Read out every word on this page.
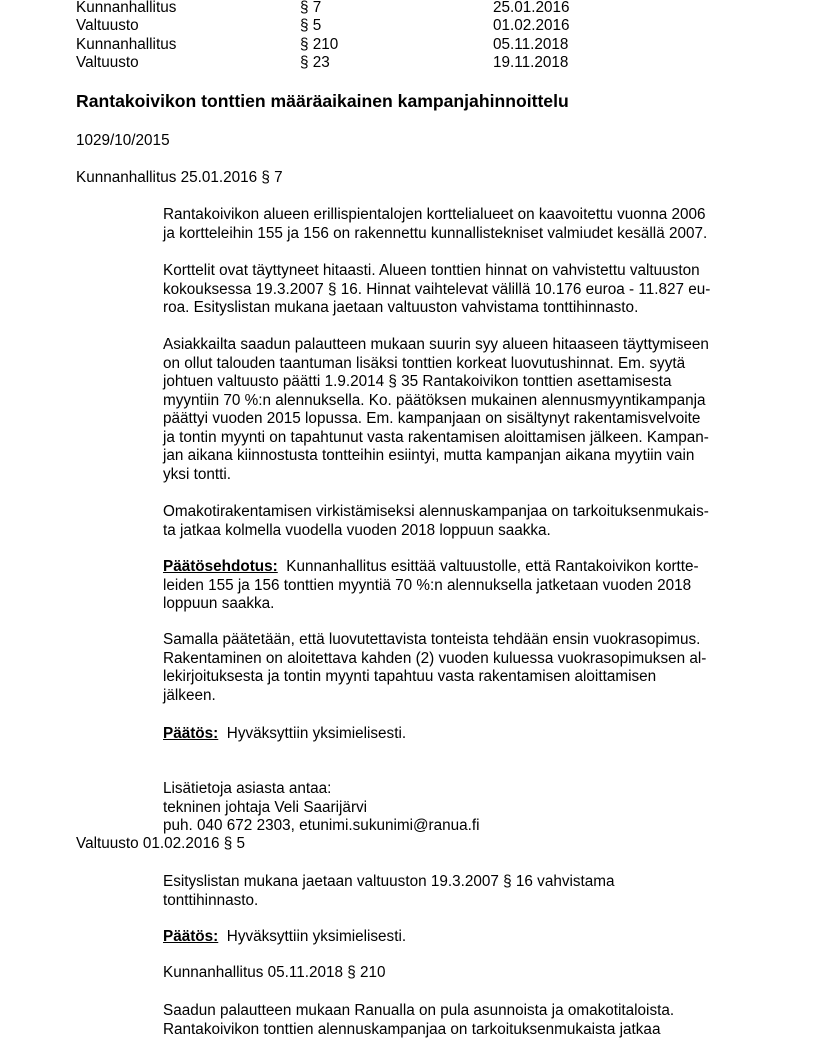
Kunnanhallitus	§ 7	25.01.2016
Valtuusto	§ 5	01.02.2016
Kunnanhallitus	§ 210	05.11.2018
Valtuusto	§ 23	19.11.2018
Rantakoivikon tonttien määräaikainen kampanjahinnoittelu
1029/10/2015
Kunnanhallitus 25.01.2016 § 7
Rantakoivikon alueen erillispientalojen korttelialueet on kaavoitettu vuonna 2006
ja kortteleihin 155 ja 156 on rakennettu kunnallistekniset valmiudet kesällä 2007.
Korttelit ovat täyttyneet hitaasti. Alueen tonttien hinnat on vahvistettu valtuuston
kokouksessa 19.3.2007 § 16. Hinnat vaihtelevat välillä 10.176 euroa - 11.827 eu-
roa. Esityslistan mukana jaetaan valtuuston vahvistama tonttihinnasto.
Asiakkailta saadun palautteen mukaan suurin syy alueen hitaaseen täyttymiseen
on ollut talouden taantuman lisäksi tonttien korkeat luovutushinnat. Em. syytä
johtuen valtuusto päätti 1.9.2014 § 35 Rantakoivikon tonttien asettamisesta
myyntiin 70 %:n alennuksella. Ko. päätöksen mukainen alennusmyyntikampanja
päättyi vuoden 2015 lopussa. Em. kampanjaan on sisältynyt rakentamisvelvoite
ja tontin myynti on tapahtunut vasta rakentamisen aloittamisen jälkeen. Kampan-
jan aikana kiinnostusta tontteihin esiintyi, mutta kampanjan aikana myytiin vain
yksi tontti.
Omakotirakentamisen virkistämiseksi alennuskampanjaa on tarkoituksenmukais-
ta jatkaa kolmella vuodella vuoden 2018 loppuun saakka.
Päätösehdotus: Kunnanhallitus esittää valtuustolle, että Rantakoivikon kortte-
leiden 155 ja 156 tonttien myyntiä 70 %:n alennuksella jatketaan vuoden 2018
loppuun saakka.
Samalla päätetään, että luovutettavista tonteista tehdään ensin vuokrasopimus.
Rakentaminen on aloitettava kahden (2) vuoden kuluessa vuokrasopimuksen al-
lekirjoituksesta ja tontin myynti tapahtuu vasta rakentamisen aloittamisen
jälkeen.
Päätös: Hyväksyttiin yksimielisesti.
Lisätietoja asiasta antaa:
tekninen johtaja Veli Saarijärvi
puh. 040 672 2303, etunimi.sukunimi@ranua.fi
Valtuusto 01.02.2016 § 5
Esityslistan mukana jaetaan valtuuston 19.3.2007 § 16 vahvistama
tonttihinnasto.
Päätös: Hyväksyttiin yksimielisesti.
Kunnanhallitus 05.11.2018 § 210
Saadun palautteen mukaan Ranualla on pula asunnoista ja omakotitaloista.
Rantakoivikon tonttien alennuskampanjaa on tarkoituksenmukaista jatkaa
